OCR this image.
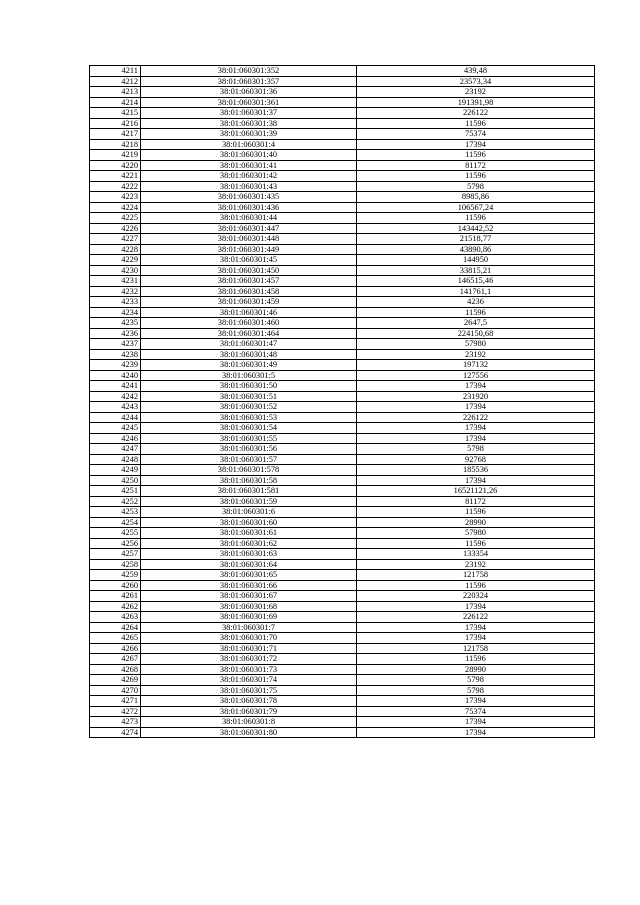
4211	38:01:060301:352	439,48
4212	38:01:060301:357	23573,34
4213	38:01:060301:36	23192
4214	38:01:060301:361	191391,98
4215	38:01:060301:37	226122
4216	38:01:060301:38	11596
4217	38:01:060301:39	75374
4218	38:01:060301:4	17394
4219	38:01:060301:40	11596
4220	38:01:060301:41	81172
4221	38:01:060301:42	11596
4222	38:01:060301:43	5798
4223	38:01:060301:435	8985,86
4224	38:01:060301:436	106567,24
4225	38:01:060301:44	11596
4226	38:01:060301:447	143442,52
4227	38:01:060301:448	21518,77
4228	38:01:060301:449	43890,86
4229	38:01:060301:45	144950
4230	38:01:060301:450	33815,21
4231	38:01:060301:457	146515,46
4232	38:01:060301:458	141761,1
4233	38:01:060301:459	4236
4234	38:01:060301:46	11596
4235	38:01:060301:460	2647,5
4236	38:01:060301:464	224150,68
4237	38:01:060301:47	57980
4238	38:01:060301:48	23192
4239	38:01:060301:49	197132
4240	38:01:060301:5	127556
4241	38:01:060301:50	17394
4242	38:01:060301:51	231920
4243	38:01:060301:52	17394
4244	38:01:060301:53	226122
4245	38:01:060301:54	17394
4246	38:01:060301:55	17394
4247	38:01:060301:56	5798
4248	38:01:060301:57	92768
4249	38:01:060301:578	185536
4250	38:01:060301:58	17394
4251	38:01:060301:581	16521121,26
4252	38:01:060301:59	81172
4253	38:01:060301:6	11596
4254	38:01:060301:60	28990
4255	38:01:060301:61	57980
4256	38:01:060301:62	11596
4257	38:01:060301:63	133354
4258	38:01:060301:64	23192
4259	38:01:060301:65	121758
4260	38:01:060301:66	11596
4261	38:01:060301:67	220324
4262	38:01:060301:68	17394
4263	38:01:060301:69	226122
4264	38:01:060301:7	17394
4265	38:01:060301:70	17394
4266	38:01:060301:71	121758
4267	38:01:060301:72	11596
4268	38:01:060301:73	28990
4269	38:01:060301:74	5798
4270	38:01:060301:75	5798
4271	38:01:060301:78	17394
4272	38:01:060301:79	75374
4273	38:01:060301:8	17394
4274	38:01:060301:80	17394
